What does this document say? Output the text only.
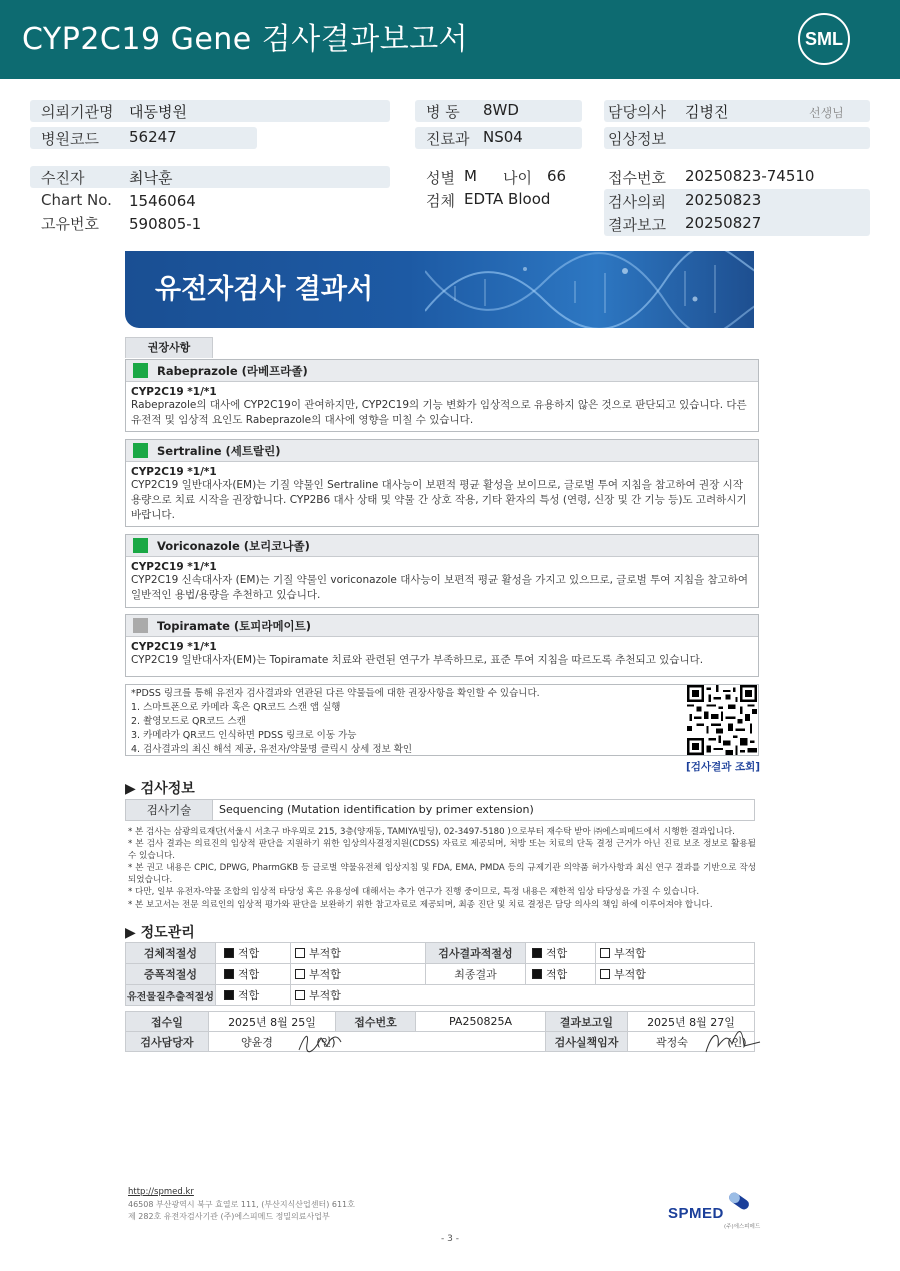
CYP2C19 Gene 검사결과보고서	SML
의뢰기관명 대동병원
병원코드 56247
병 동 8WD
진료과 NS04
담당의사 김병진	선생님
임상정보
수진자	최낙훈
Chart No. 1546064
고유번호 590805-1
성별 M 나이 66
검체 EDTA Blood
접수번호 20250823-74510
검사의뢰 20250823
결과보고 20250827
유전자검사 결과서
권장사항
Rabeprazole (라베프라졸)
CYP2C19 *1/*1
Rabeprazole의 대사에 CYP2C19이 관여하지만, CYP2C19의 기능 변화가 임상적으로 유용하지 않은 것으로 판단되고 있습니다. 다른 유전적 및 임상적 요인도 Rabeprazole의 대사에 영향을 미칠 수 있습니다.
Sertraline (세트랄린)
CYP2C19 *1/*1
CYP2C19 일반대사자(EM)는 기질 약물인 Sertraline 대사능이 보편적 평균 활성을 보이므로, 글로벌 투여 지침을 참고하여 권장 시작 용량으로 치료 시작을 권장합니다. CYP2B6 대사 상태 및 약물 간 상호 작용, 기타 환자의 특성 (연령, 신장 및 간 기능 등)도 고려하시기 바랍니다.
Voriconazole (보리코나졸)
CYP2C19 *1/*1
CYP2C19 신속대사자 (EM)는 기질 약물인 voriconazole 대사능이 보편적 평균 활성을 가지고 있으므로, 글로벌 투여 지침을 참고하여 일반적인 용법/용량을 추천하고 있습니다.
Topiramate (토피라메이트)
CYP2C19 *1/*1
CYP2C19 일반대사자(EM)는 Topiramate 치료와 관련된 연구가 부족하므로, 표준 투여 지침을 따르도록 추천되고 있습니다.
*PDSS 링크를 통해 유전자 검사결과와 연관된 다른 약물들에 대한 권장사항을 확인할 수 있습니다.
1. 스마트폰으로 카메라 혹은 QR코드 스캔 앱 실행
2. 촬영모드로 QR코드 스캔
3. 카메라가 QR코드 인식하면 PDSS 링크로 이동 가능
4. 검사결과의 최신 해석 제공, 유전자/약물명 클릭시 상세 정보 확인
[검사결과 조회]
▶ 검사정보
검사기술	Sequencing (Mutation identification by primer extension)
* 본 검사는 삼광의료재단(서울시 서초구 바우뫼로 215, 3층(양재동, TAMIYA빌딩), 02-3497-5180 )으로부터 재수탁 받아 ㈜에스피메드에서 시행한 결과입니다.
* 본 검사 결과는 의료진의 임상적 판단을 지원하기 위한 임상의사결정지원(CDSS) 자료로 제공되며, 처방 또는 치료의 단독 결정 근거가 아닌 진료 보조 정보로 활용될 수 있습니다.
* 본 권고 내용은 CPIC, DPWG, PharmGKB 등 글로벌 약물유전체 임상지침 및 FDA, EMA, PMDA 등의 규제기관 의약품 허가사항과 최신 연구 결과를 기반으로 작성되었습니다.
* 다만, 일부 유전자-약물 조합의 임상적 타당성 혹은 유용성에 대해서는 추가 연구가 진행 중이므로, 특정 내용은 제한적 임상 타당성을 가질 수 있습니다.
* 본 보고서는 전문 의료인의 임상적 평가와 판단을 보완하기 위한 참고자료로 제공되며, 최종 진단 및 치료 결정은 담당 의사의 책임 하에 이루어져야 합니다.
▶ 정도관리
검체적절성	적합	부적합	검사결과적절성	적합	부적합
증폭적절성	적합	부적합	최종결과	적합	부적합
유전물질추출적절성	적합	부적합			
접수일	2025년 8월 25일	접수번호	PA250825A	결과보고일	2025년 8월 27일
검사담당자	양윤경 (인)			검사실책임자	곽정숙 (인)
http://spmed.kr
46508 부산광역시 북구 효열로 111, (부산지식산업센터) 611호
제 282호 유전자검사기관 (주)에스피메드 정밀의료사업부	SPMED
(주)에스피메드
- 3 -
